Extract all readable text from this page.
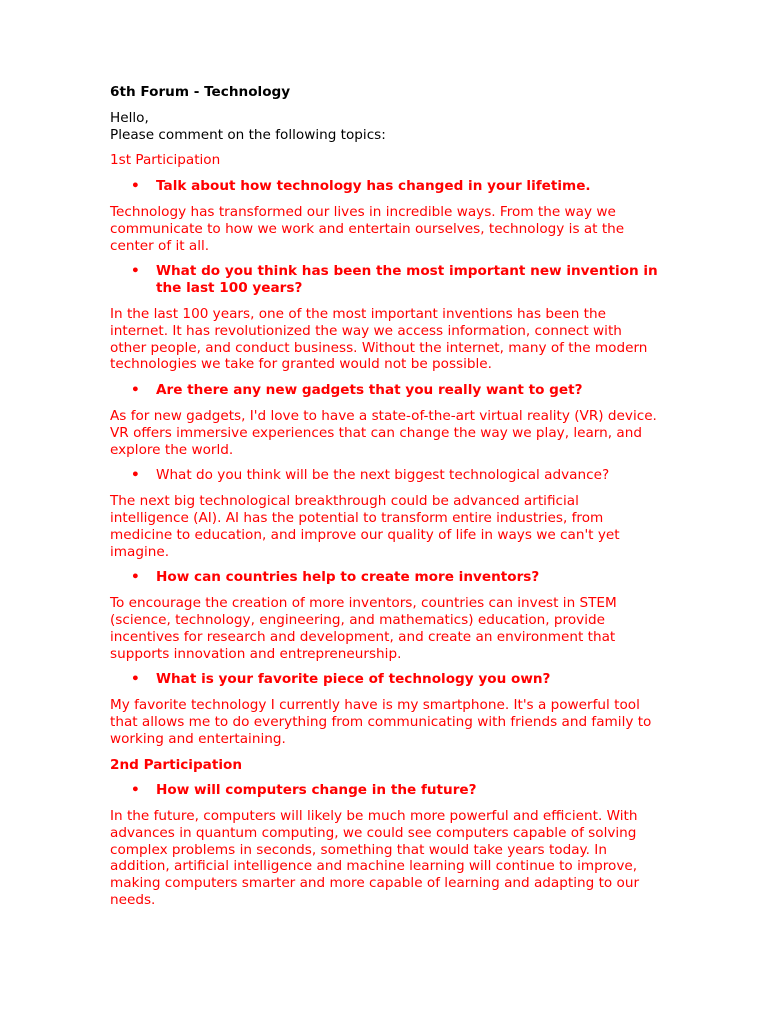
6th Forum - Technology

Hello,

Please comment on the following topics:

1st Participation
• Talk about how technology has changed in your lifetime.

Technology has transformed our lives in incredible ways. From the way we communicate to how we work and entertain ourselves, technology is at the center of it all.

• What do you think has been the most important new invention in the last 100 years?

In the last 100 years, one of the most important inventions has been the internet. It has revolutionized the way we access information, connect with other people, and conduct business. Without the internet, many of the modern technologies we take for granted would not be possible.

• Are there any new gadgets that you really want to get?

As for new gadgets, I'd love to have a state-of-the-art virtual reality (VR) device. VR offers immersive experiences that can change the way we play, learn, and explore the world.

• What do you think will be the next biggest technological advance?

The next big technological breakthrough could be advanced artificial intelligence (AI). AI has the potential to transform entire industries, from medicine to education, and improve our quality of life in ways we can't yet imagine.

• How can countries help to create more inventors?

To encourage the creation of more inventors, countries can invest in STEM (science, technology, engineering, and mathematics) education, provide incentives for research and development, and create an environment that supports innovation and entrepreneurship.

• What is your favorite piece of technology you own?

My favorite technology I currently have is my smartphone. It's a powerful tool that allows me to do everything from communicating with friends and family to working and entertaining.

2nd Participation
• How will computers change in the future?

In the future, computers will likely be much more powerful and efficient. With advances in quantum computing, we could see computers capable of solving complex problems in seconds, something that would take years today. In addition, artificial intelligence and machine learning will continue to improve, making computers smarter and more capable of learning and adapting to our needs.
